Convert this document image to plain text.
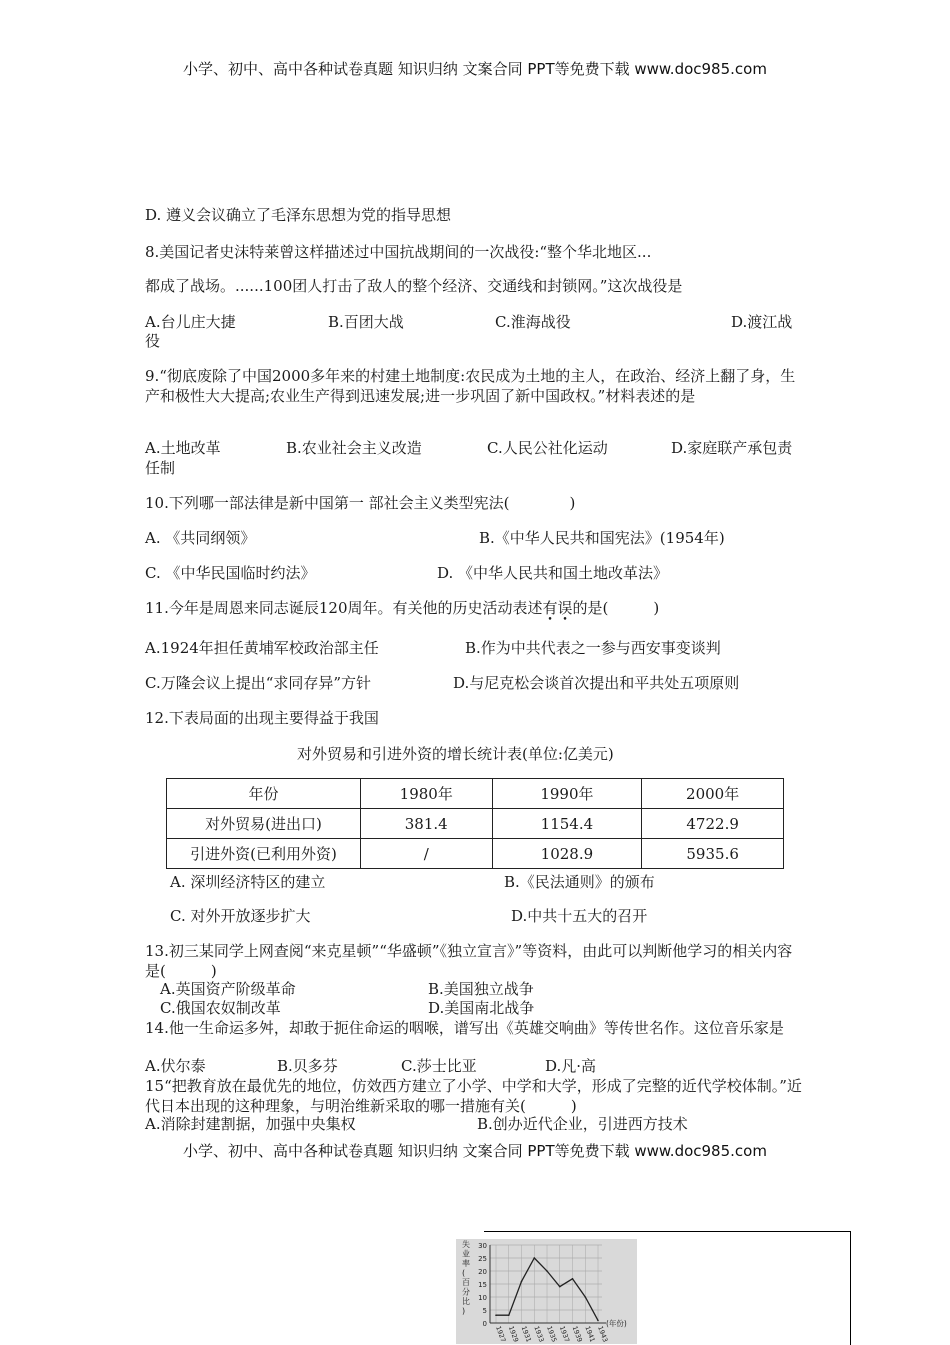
小学、初中、高中各种试卷真题 知识归纳 文案合同 PPT等免费下载 www.doc985.com
D. 遵义会议确立了毛泽东思想为党的指导思想
8.美国记者史沫特莱曾这样描述过中国抗战期间的一次战役:“整个华北地区...
都成了战场。......100团人打击了敌人的整个经济、交通线和封锁网。”这次战役是
A.台儿庄大捷	B.百团大战	C.淮海战役	D.渡江战
役
9.“彻底废除了中国2000多年来的村建土地制度:农民成为土地的主人，在政治、经济上翻了身，生产和极性大大提高;农业生产得到迅速发展;进一步巩固了新中国政权。”材料表述的是
A.土地改革	B.农业社会主义改造	C.人民公社化运动	D.家庭联产承包责
任制
10.下列哪一部法律是新中国第一 部社会主义类型宪法(　　　　)
A. 《共同纲领》	B.《中华人民共和国宪法》(1954年)
C. 《中华民国临时约法》	D. 《中华人民共和国土地改革法》
11.今年是周恩来同志诞辰120周年。有关他的历史活动表述有误的是(　　　)
A.1924年担任黄埔军校政治部主任	B.作为中共代表之一参与西安事变谈判
C.万隆会议上提出“求同存异”方针	D.与尼克松会谈首次提出和平共处五项原则
12.下表局面的出现主要得益于我国
对外贸易和引进外资的增长统计表(单位:亿美元)
年份	1980年	1990年	2000年
对外贸易(进出口)	381.4	1154.4	4722.9
引进外资(已利用外资)	/	1028.9	5935.6
A. 深圳经济特区的建立	B.《民法通则》的颁布
C. 对外开放逐步扩大	D.中共十五大的召开
13.初三某同学上网查阅“来克星顿”“华盛顿”《独立宣言》”等资料，由此可以判断他学习的相关内容是(　　　)
A.英国资产阶级革命	B.美国独立战争
C.俄国农奴制改革	D.美国南北战争
14.他一生命运多舛，却敢于扼住命运的咽喉，谱写出《英雄交响曲》等传世名作。这位音乐家是
A.伏尔泰	B.贝多芬	C.莎士比亚	D.凡·高
15“把教育放在最优先的地位，仿效西方建立了小学、中学和大学，形成了完整的近代学校体制。”近代日本出现的这种理象，与明治维新采取的哪一措施有关(　　　)
A.消除封建割据，加强中央集权	B.创办近代企业，引进西方技术
小学、初中、高中各种试卷真题 知识归纳 文案合同 PPT等免费下载 www.doc985.com
失业率(百分比)
30
25
20
15
10
5
0
1927 1929 1931 1933 1935 1937 1939 1941 1943
(年份)
